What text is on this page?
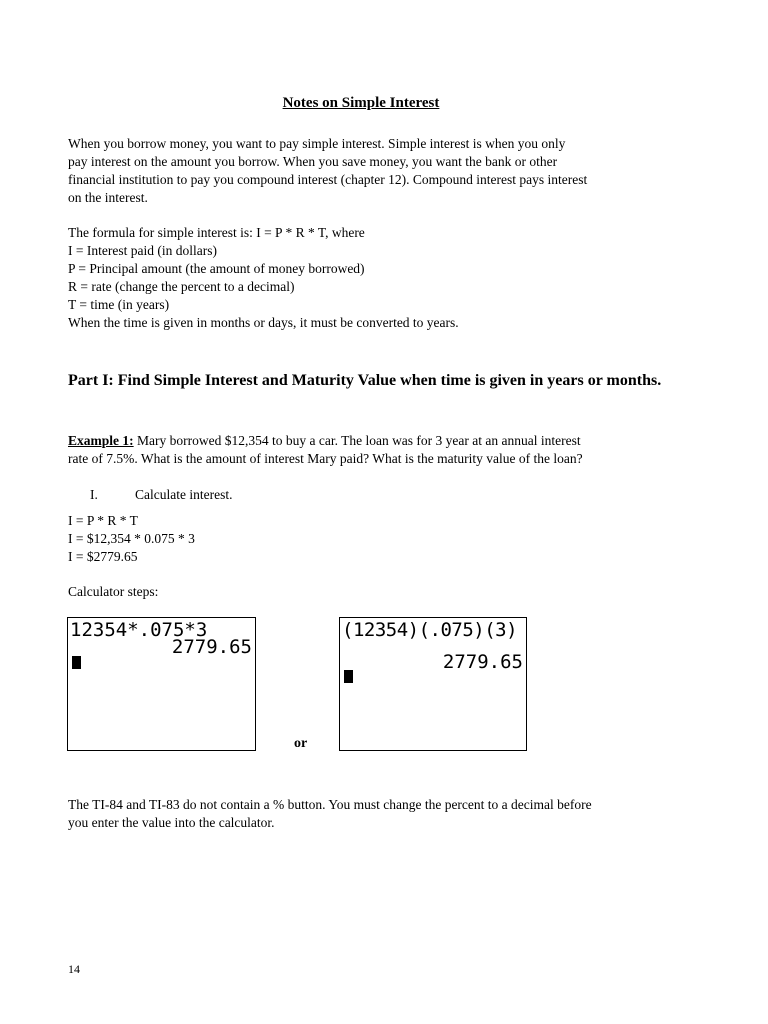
Notes on Simple Interest
When you borrow money, you want to pay simple interest. Simple interest is when you only
pay interest on the amount you borrow. When you save money, you want the bank or other
financial institution to pay you compound interest (chapter 12). Compound interest pays interest
on the interest.
The formula for simple interest is: I = P * R * T, where
I = Interest paid (in dollars)
P = Principal amount (the amount of money borrowed)
R = rate (change the percent to a decimal)
T = time (in years)
When the time is given in months or days, it must be converted to years.
Part I: Find Simple Interest and Maturity Value when time is given in years or months.
Example 1: Mary borrowed $12,354 to buy a car. The loan was for 3 year at an annual interest
rate of 7.5%. What is the amount of interest Mary paid? What is the maturity value of the loan?
I.	Calculate interest.
I = P * R * T
I = $12,354 * 0.075 * 3
I = $2779.65
Calculator steps:
12354*.075*3
2779.65
or
(12354)(.075)(3)
2779.65
The TI-84 and TI-83 do not contain a % button. You must change the percent to a decimal before
you enter the value into the calculator.
14
